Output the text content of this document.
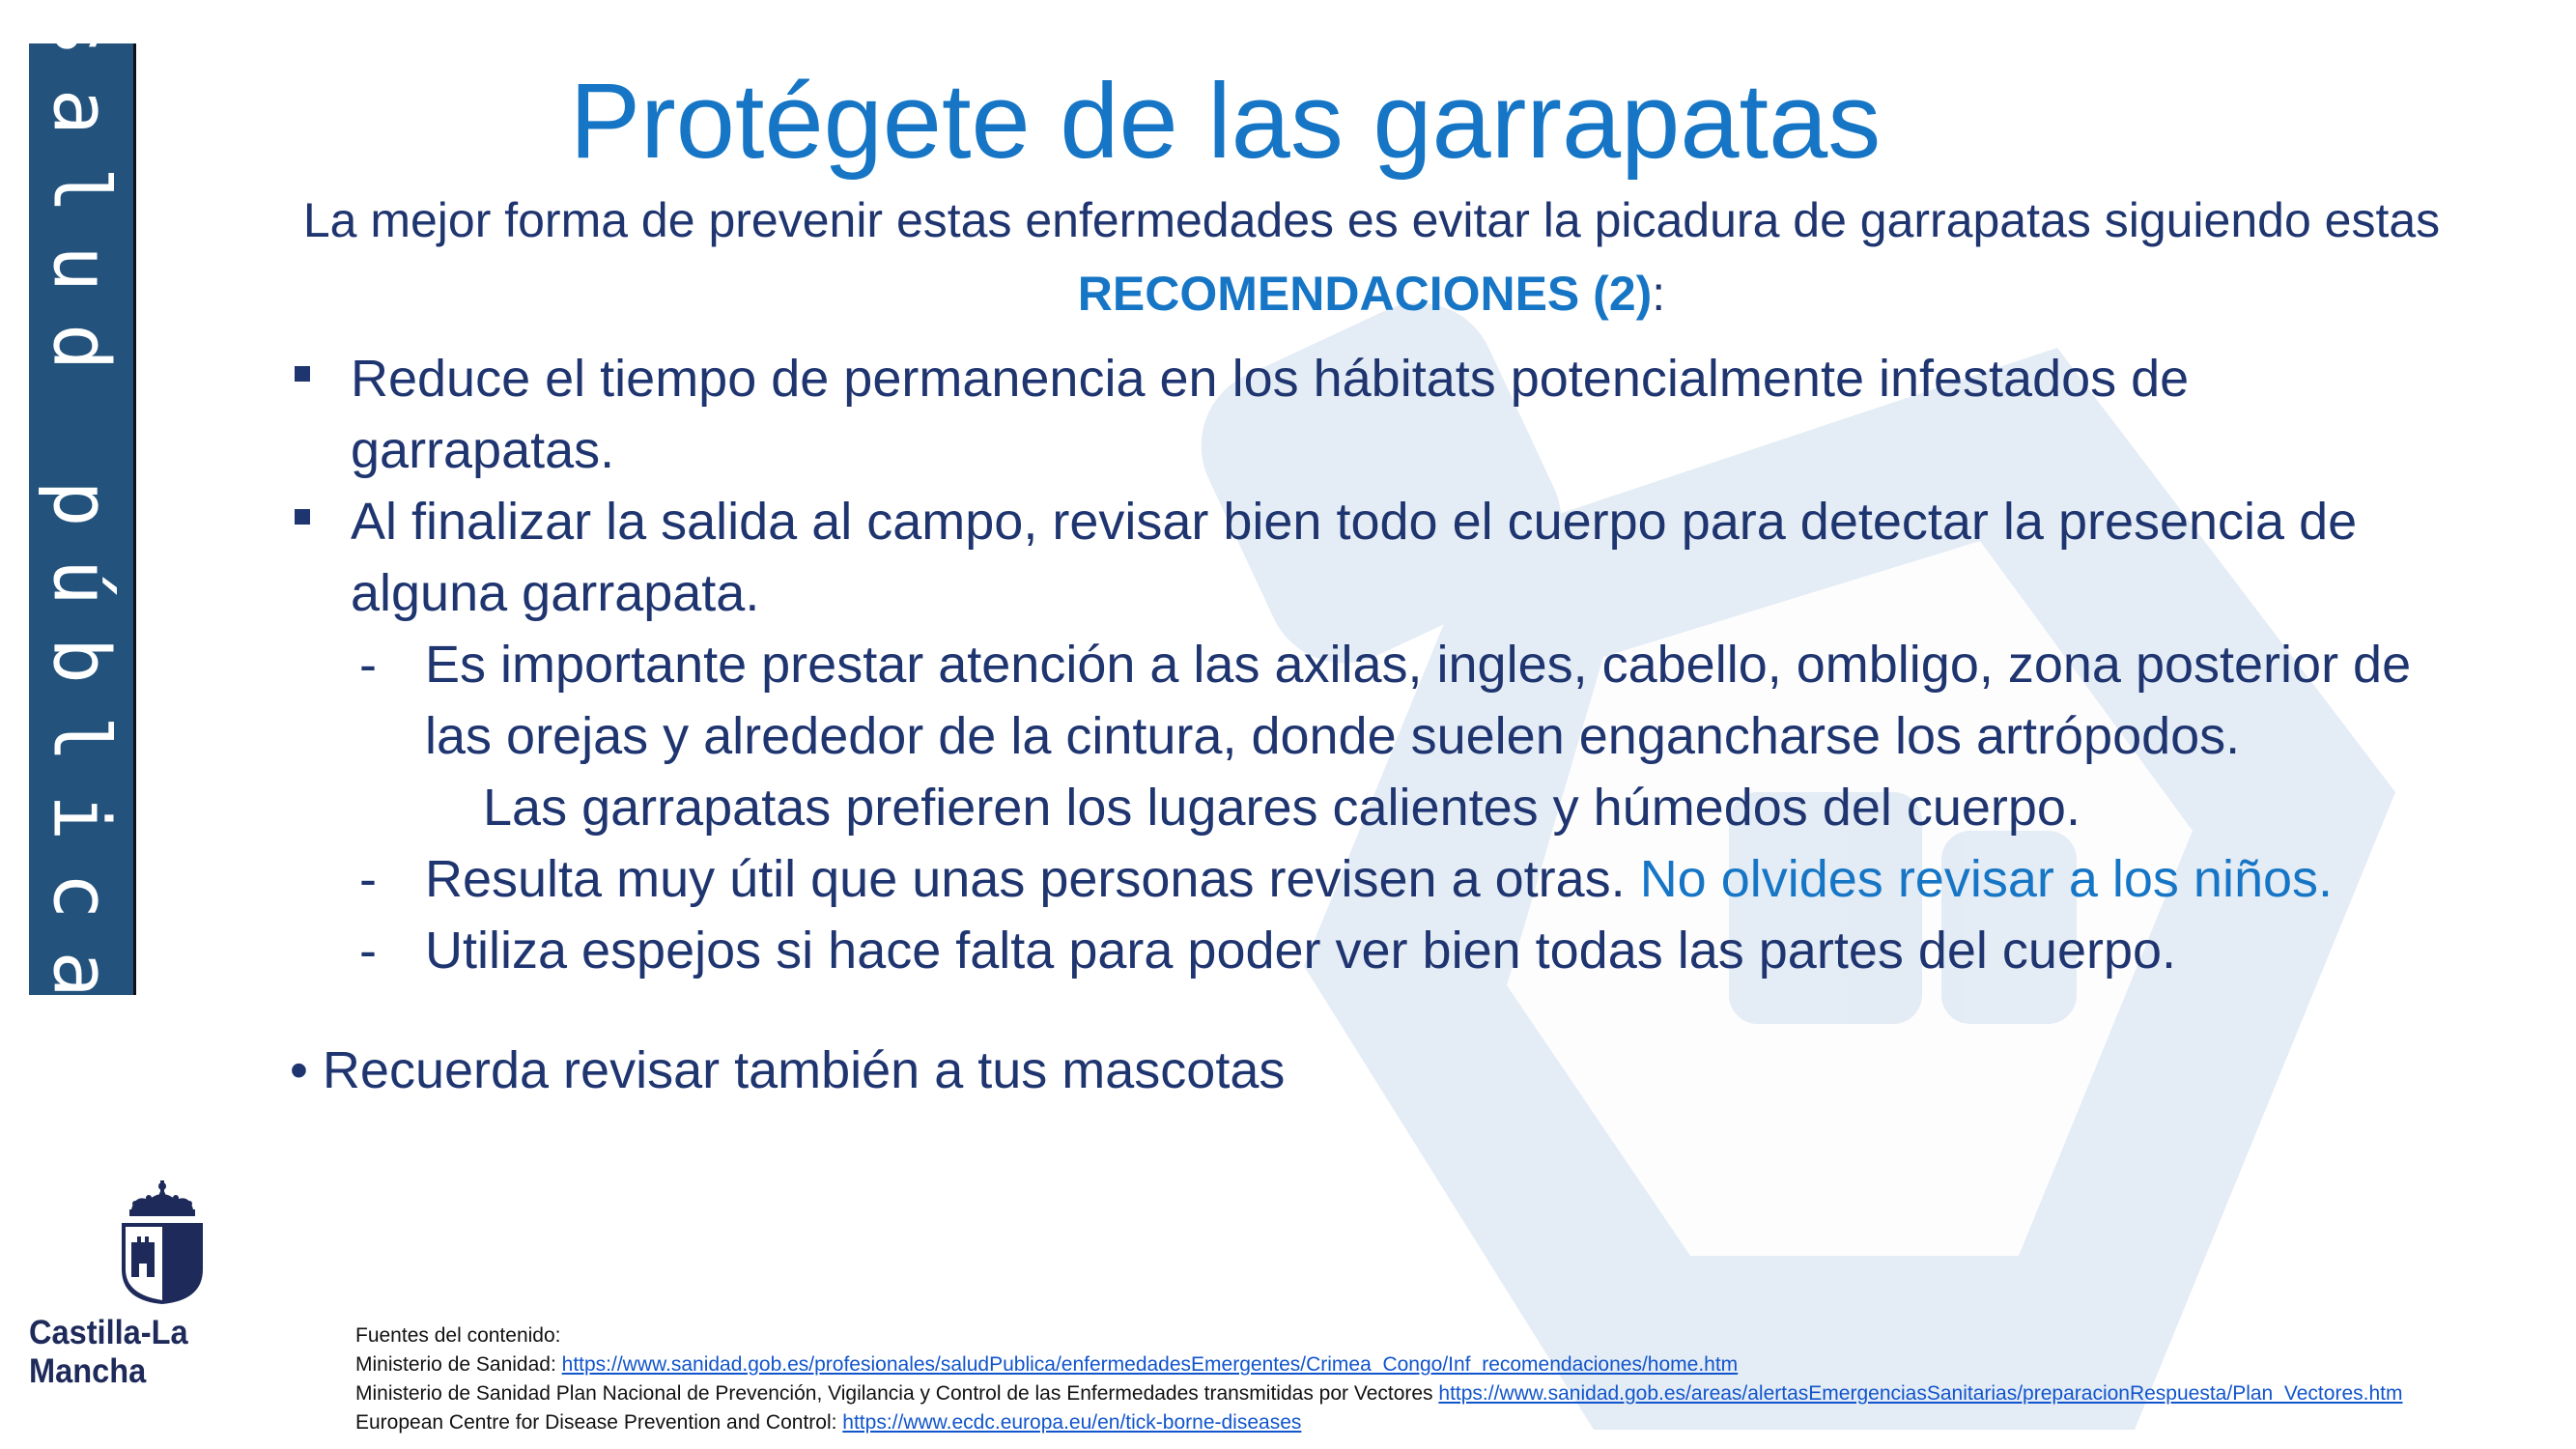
salud pública
Castilla-La Mancha
Protégete de las garrapatas
La mejor forma de prevenir estas enfermedades es evitar la picadura de garrapatas siguiendo estas
RECOMENDACIONES (2):
Reduce el tiempo de permanencia en los hábitats potencialmente infestados de garrapatas.
Al finalizar la salida al campo, revisar bien todo el cuerpo para detectar la presencia de alguna garrapata.
- Es importante prestar atención a las axilas, ingles, cabello, ombligo, zona posterior de las orejas y alrededor de la cintura, donde suelen engancharse los artrópodos.
Las garrapatas prefieren los lugares calientes y húmedos del cuerpo.
- Resulta muy útil que unas personas revisen a otras. No olvides revisar a los niños.
- Utiliza espejos si hace falta para poder ver bien todas las partes del cuerpo.
• Recuerda revisar también a tus mascotas
Fuentes del contenido:
Ministerio de Sanidad: https://www.sanidad.gob.es/profesionales/saludPublica/enfermedadesEmergentes/Crimea_Congo/Inf_recomendaciones/home.htm
Ministerio de Sanidad Plan Nacional de Prevención, Vigilancia y Control de las Enfermedades transmitidas por Vectores https://www.sanidad.gob.es/areas/alertasEmergenciasSanitarias/preparacionRespuesta/Plan_Vectores.htm
European Centre for Disease Prevention and Control: https://www.ecdc.europa.eu/en/tick-borne-diseases
